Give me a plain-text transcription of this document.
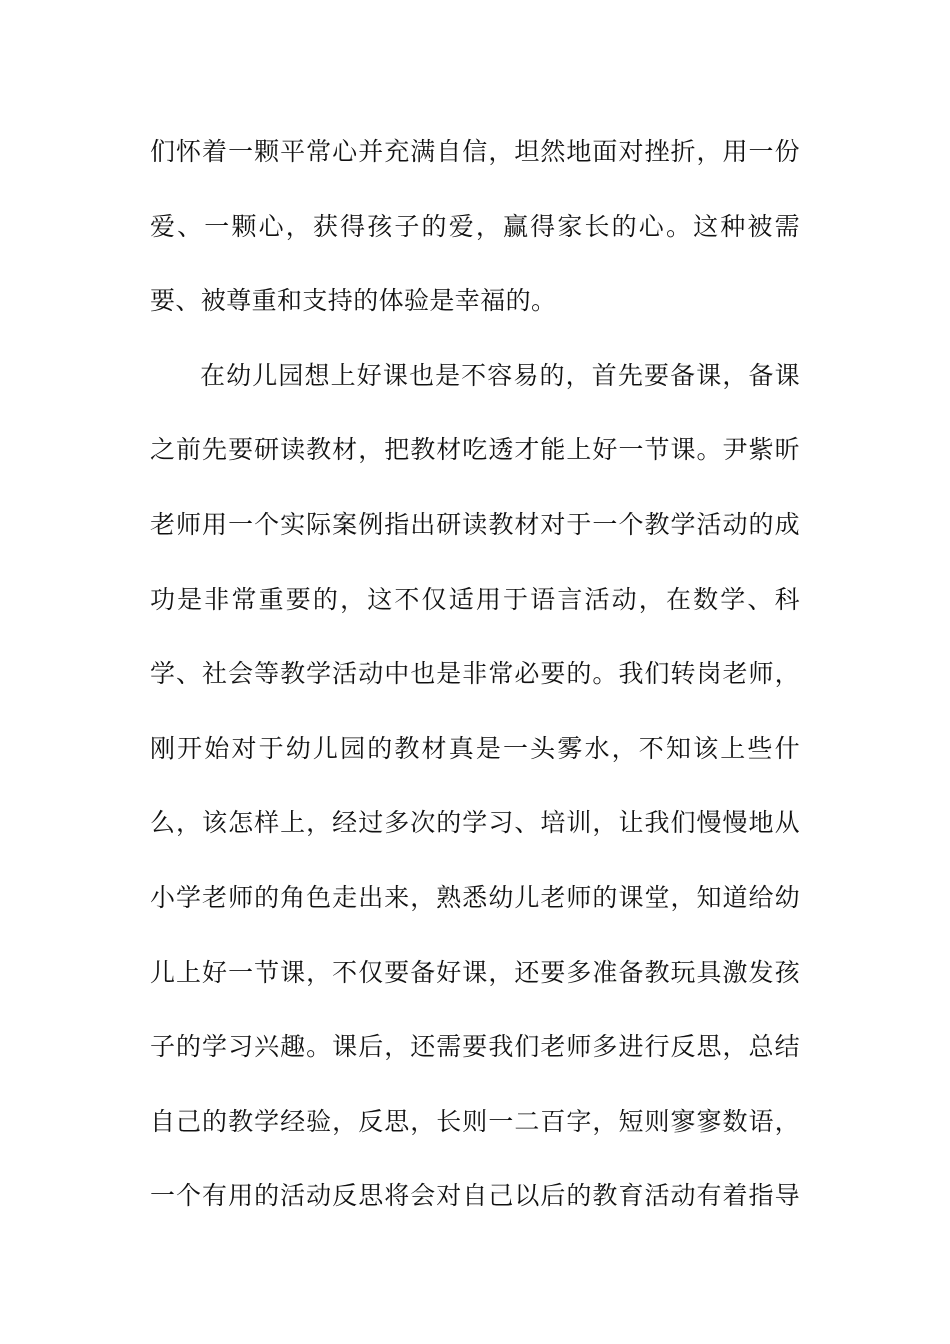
们怀着一颗平常心并充满自信，坦然地面对挫折，用一份
爱、一颗心，获得孩子的爱，赢得家长的心。这种被需
要、被尊重和支持的体验是幸福的。
在幼儿园想上好课也是不容易的，首先要备课，备课
之前先要研读教材，把教材吃透才能上好一节课。尹紫昕
老师用一个实际案例指出研读教材对于一个教学活动的成
功是非常重要的，这不仅适用于语言活动，在数学、科
学、社会等教学活动中也是非常必要的。我们转岗老师，
刚开始对于幼儿园的教材真是一头雾水，不知该上些什
么，该怎样上，经过多次的学习、培训，让我们慢慢地从
小学老师的角色走出来，熟悉幼儿老师的课堂，知道给幼
儿上好一节课，不仅要备好课，还要多准备教玩具激发孩
子的学习兴趣。课后，还需要我们老师多进行反思，总结
自己的教学经验，反思，长则一二百字，短则寥寥数语，
一个有用的活动反思将会对自己以后的教育活动有着指导
